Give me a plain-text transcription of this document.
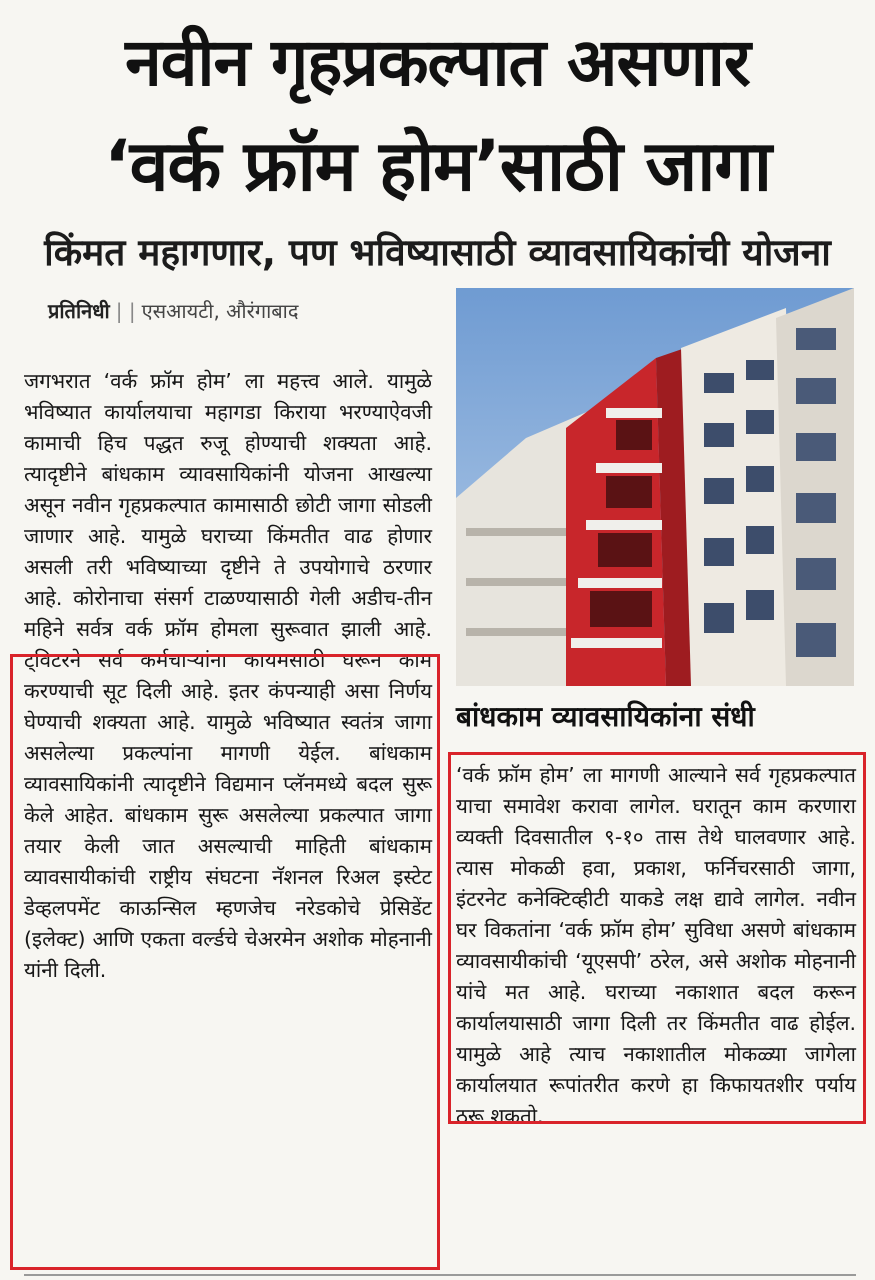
नवीन गृहप्रकल्पात असणार
‘वर्क फ्रॉम होम’साठी जागा
किंमत महागणार, पण भविष्यासाठी व्यावसायिकांची योजना
प्रतिनिधी | | एसआयटी, औरंगाबाद

जगभरात ‘वर्क फ्रॉम होम’ ला महत्त्व आले. यामुळे भविष्यात कार्यालयाचा महागडा किराया भरण्याऐवजी कामाची हिच पद्धत रुजू होण्याची शक्यता आहे. त्यादृष्टीने बांधकाम व्यावसायिकांनी योजना आखल्या असून नवीन गृहप्रकल्पात कामासाठी छोटी जागा सोडली जाणार आहे. यामुळे घराच्या किंमतीत वाढ होणार असली तरी भविष्याच्या दृष्टीने ते उपयोगाचे ठरणार आहे. कोरोनाचा संसर्ग टाळण्यासाठी गेली अडीच-तीन महिने सर्वत्र वर्क फ्रॉम होमला सुरूवात झाली आहे. ट्विटरने सर्व कर्मचाऱ्यांना कायमसाठी घरून काम करण्याची सूट दिली आहे. इतर कंपन्याही असा निर्णय घेण्याची शक्यता आहे. यामुळे भविष्यात स्वतंत्र जागा असलेल्या प्रकल्पांना मागणी येईल. बांधकाम व्यावसायिकांनी त्यादृष्टीने विद्यमान प्लॅनमध्ये बदल सुरू केले आहेत. बांधकाम सुरू असलेल्या प्रकल्पात जागा तयार केली जात असल्याची माहिती बांधकाम व्यावसायीकांची राष्ट्रीय संघटना नॅशनल रिअल इस्टेट डेव्हलपमेंट काऊन्सिल म्हणजेच नरेडकोचे प्रेसिडेंट (इलेक्ट) आणि एकता वर्ल्डचे चेअरमेन अशोक मोहनानी यांनी दिली.

बांधकाम व्यावसायिकांना संधी

‘वर्क फ्रॉम होम’ ला मागणी आल्याने सर्व गृहप्रकल्पात याचा समावेश करावा लागेल. घरातून काम करणारा व्यक्ती दिवसातील ९-१० तास तेथे घालवणार आहे. त्यास मोकळी हवा, प्रकाश, फर्निचरसाठी जागा, इंटरनेट कनेक्टिव्हीटी याकडे लक्ष द्यावे लागेल. नवीन घर विकतांना ‘वर्क फ्रॉम होम’ सुविधा असणे बांधकाम व्यावसायीकांची ‘यूएसपी’ ठरेल, असे अशोक मोहनानी यांचे मत आहे. घराच्या नकाशात बदल करून कार्यालयासाठी जागा दिली तर किंमतीत वाढ होईल. यामुळे आहे त्याच नकाशातील मोकळ्या जागेला कार्यालयात रूपांतरीत करणे हा किफायतशीर पर्याय ठरू शकतो.
